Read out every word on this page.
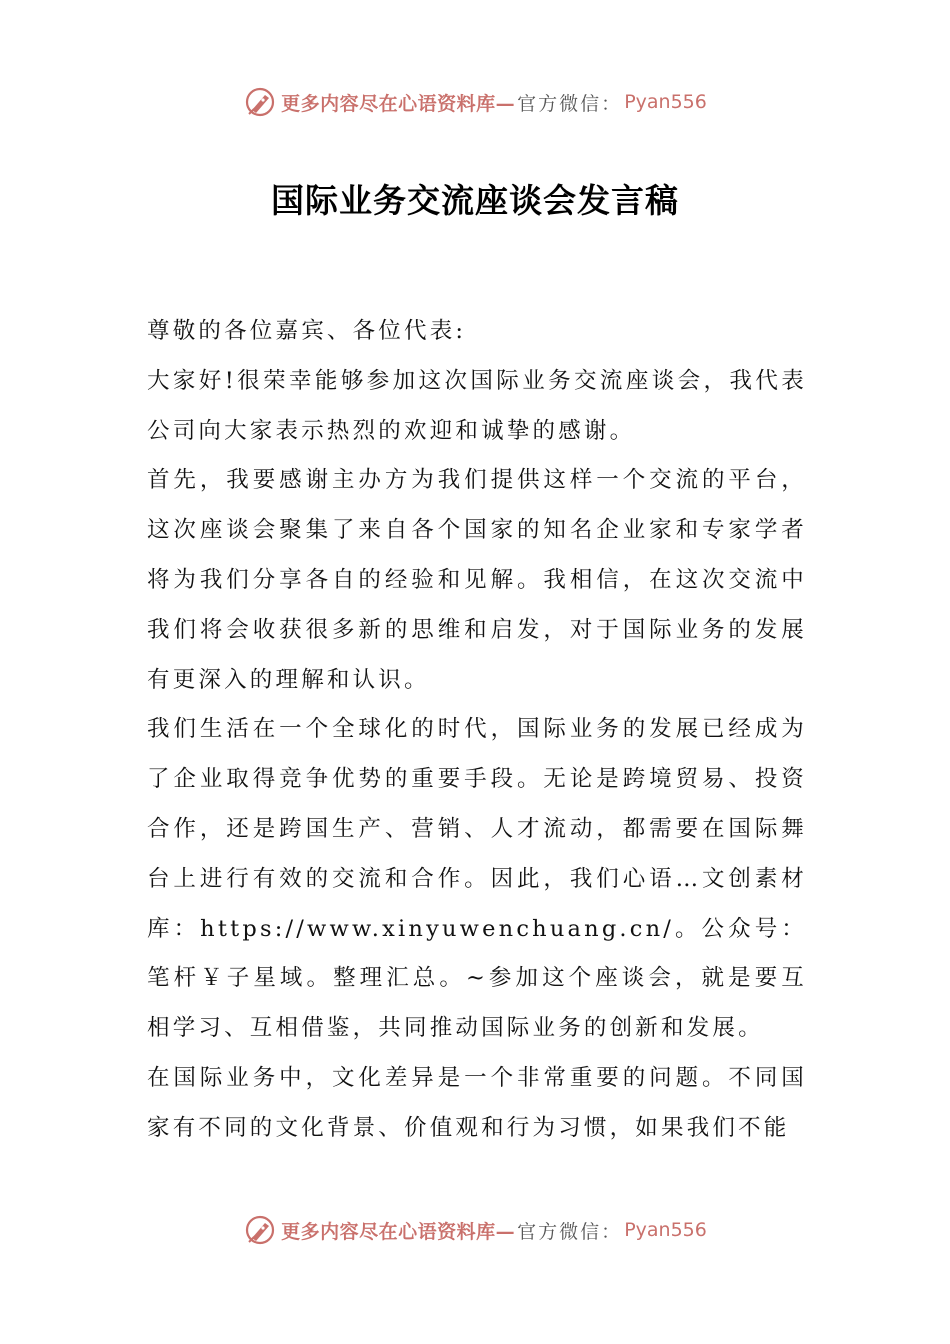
更多内容尽在心语资料库— 官方微信： Pyan556
国际业务交流座谈会发言稿

尊敬的各位嘉宾、各位代表:

大家好!很荣幸能够参加这次国际业务交流座谈会，我代表公司向大家表示热烈的欢迎和诚挚的感谢。

首先，我要感谢主办方为我们提供这样一个交流的平台，这次座谈会聚集了来自各个国家的知名企业家和专家学者将为我们分享各自的经验和见解。我相信，在这次交流中我们将会收获很多新的思维和启发，对于国际业务的发展有更深入的理解和认识。

我们生活在一个全球化的时代，国际业务的发展已经成为了企业取得竞争优势的重要手段。无论是跨境贸易、投资合作，还是跨国生产、营销、人才流动，都需要在国际舞台上进行有效的交流和合作。因此，我们心语…文创素材库：https://www.xinyuwenchuang.cn/。公众号：笔杆￥子星域。整理汇总。~参加这个座谈会，就是要互相学习、互相借鉴，共同推动国际业务的创新和发展。

在国际业务中，文化差异是一个非常重要的问题。不同国家有不同的文化背景、价值观和行为习惯，如果我们不能

更多内容尽在心语资料库— 官方微信： Pyan556
